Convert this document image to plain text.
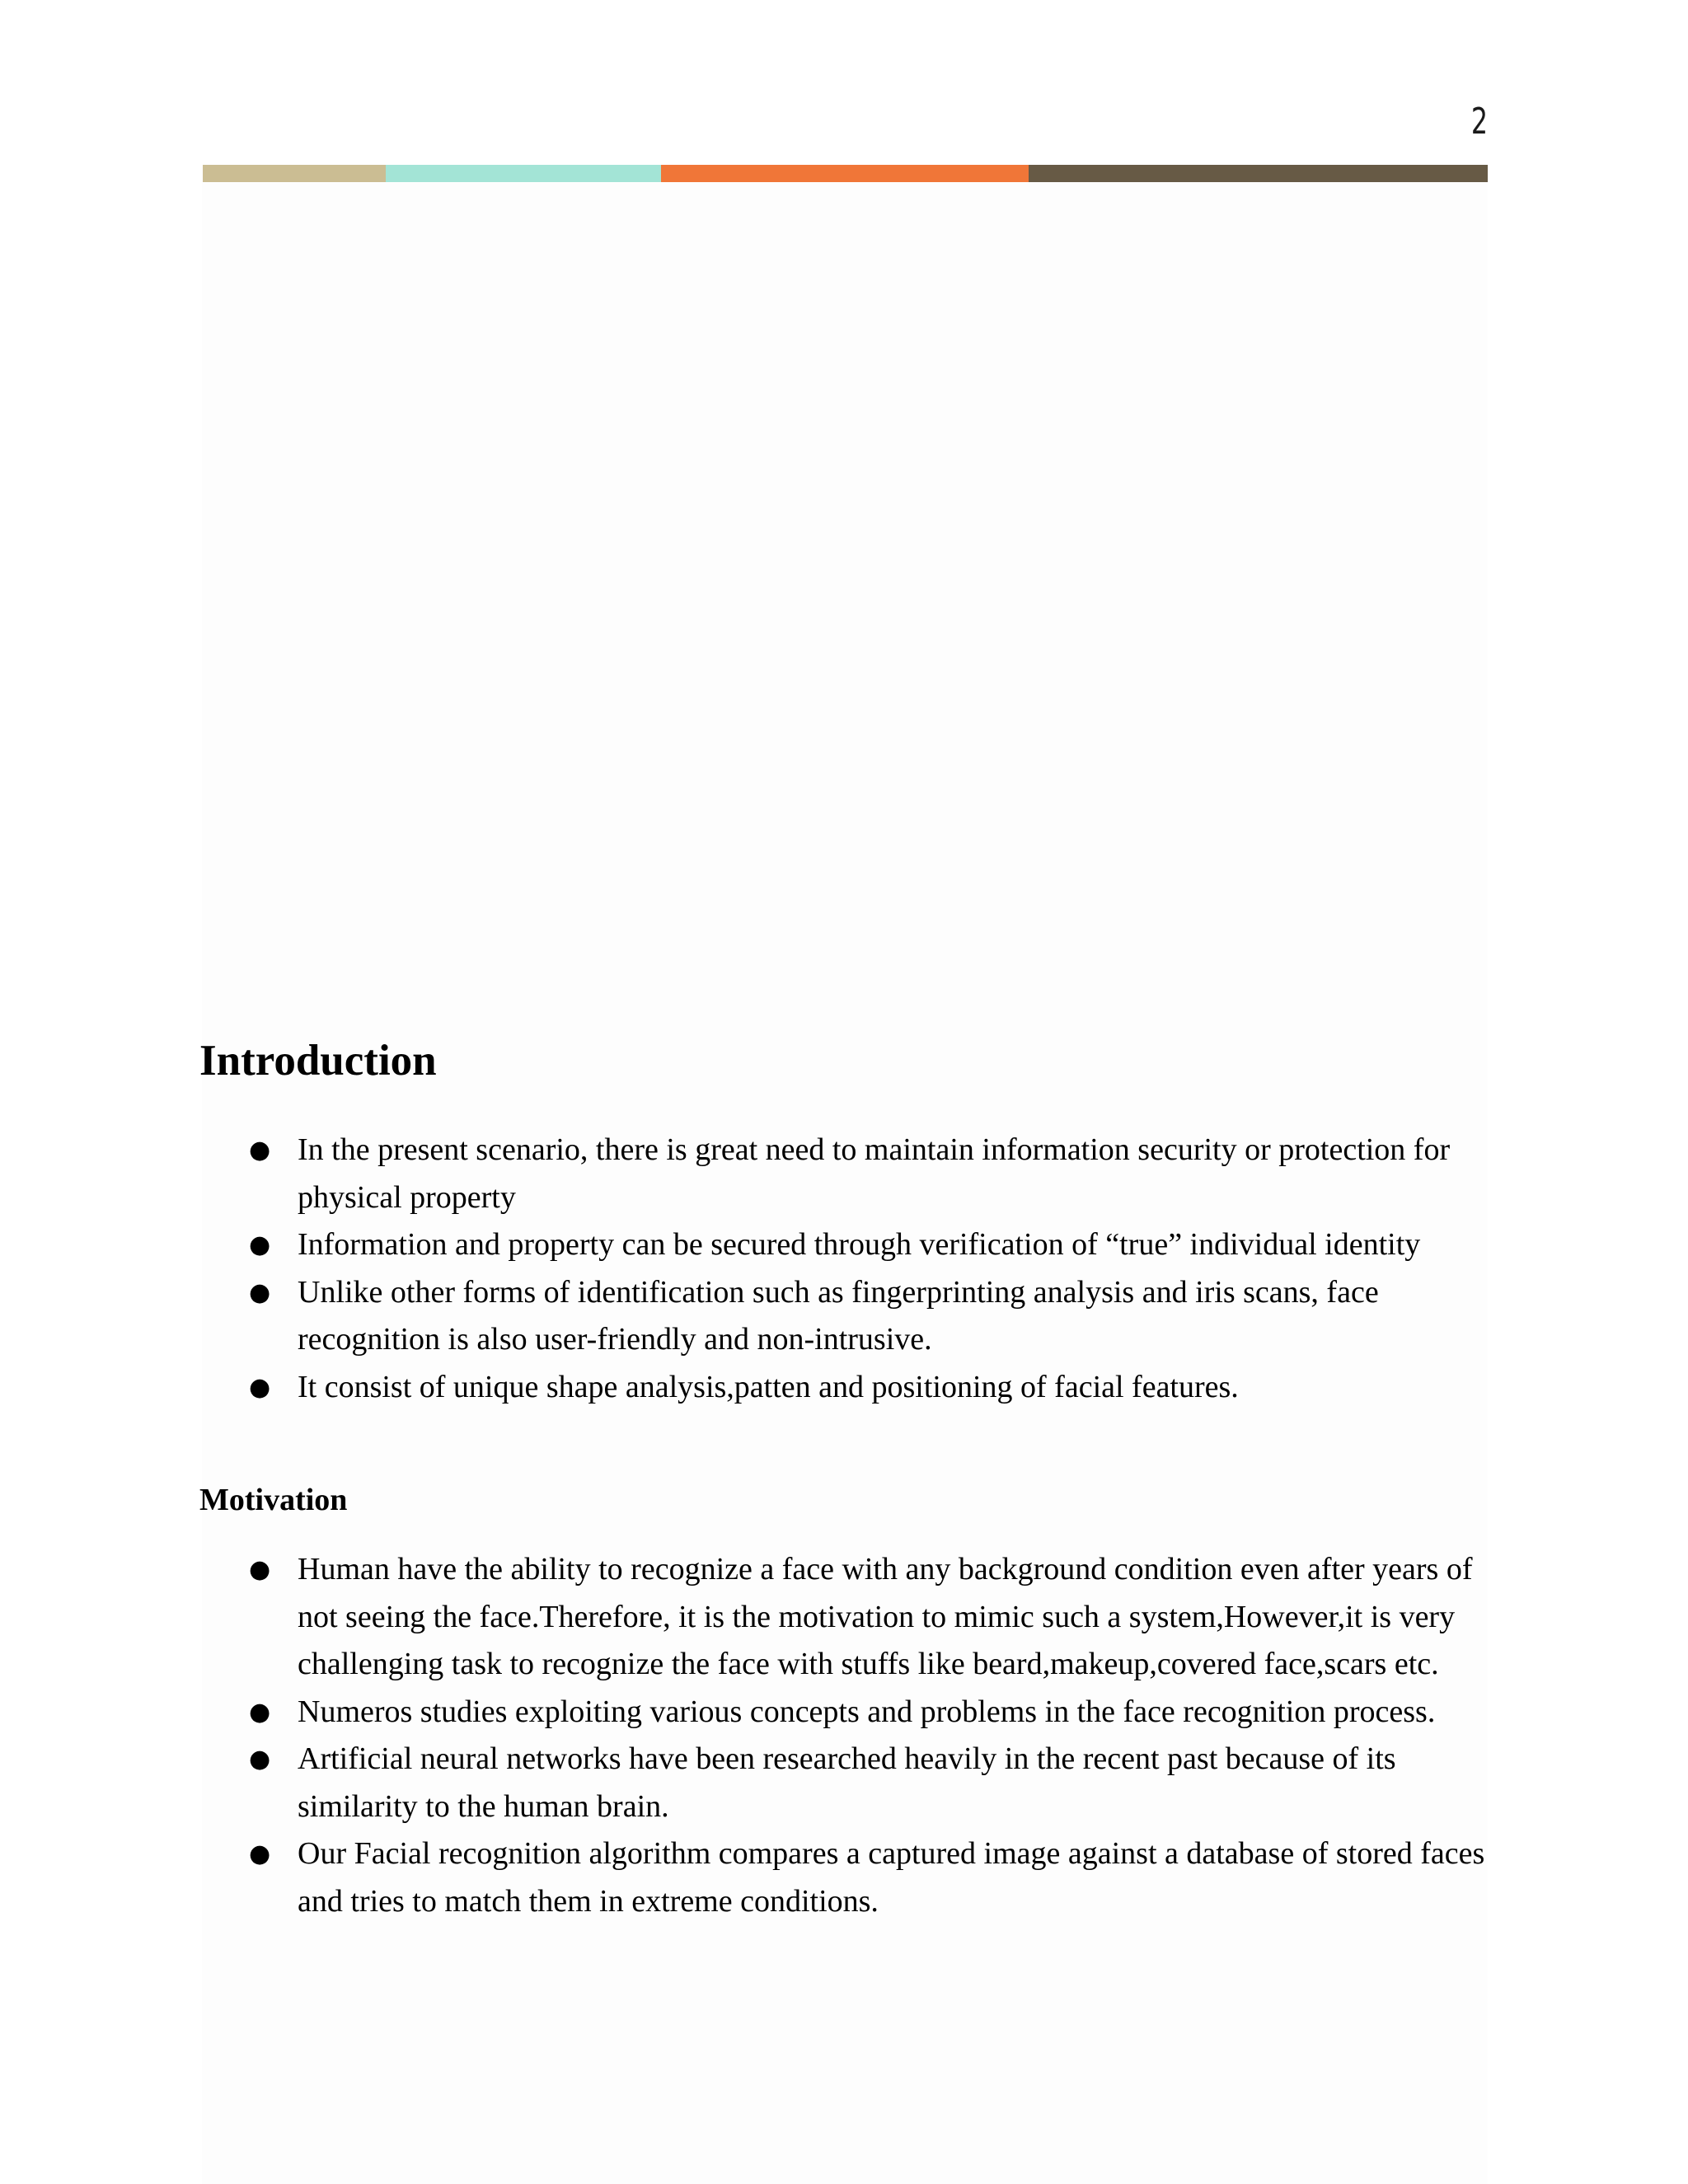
2
Introduction
● In the present scenario, there is great need to maintain information security or protection for physical property
● Information and property can be secured through verification of “true” individual identity
● Unlike other forms of identification such as fingerprinting analysis and iris scans, face recognition is also user-friendly and non-intrusive.
● It consist of unique shape analysis,patten and positioning of facial features.
Motivation
● Human have the ability to recognize a face with any background condition even after years of not seeing the face.Therefore, it is the motivation to mimic such a system,However,it is very challenging task to recognize the face with stuffs like beard,makeup,covered face,scars etc.
● Numeros studies exploiting various concepts and problems in the face recognition process.
● Artificial neural networks have been researched heavily in the recent past because of its similarity to the human brain.
● Our Facial recognition algorithm compares a captured image against a database of stored faces and tries to match them in extreme conditions.
